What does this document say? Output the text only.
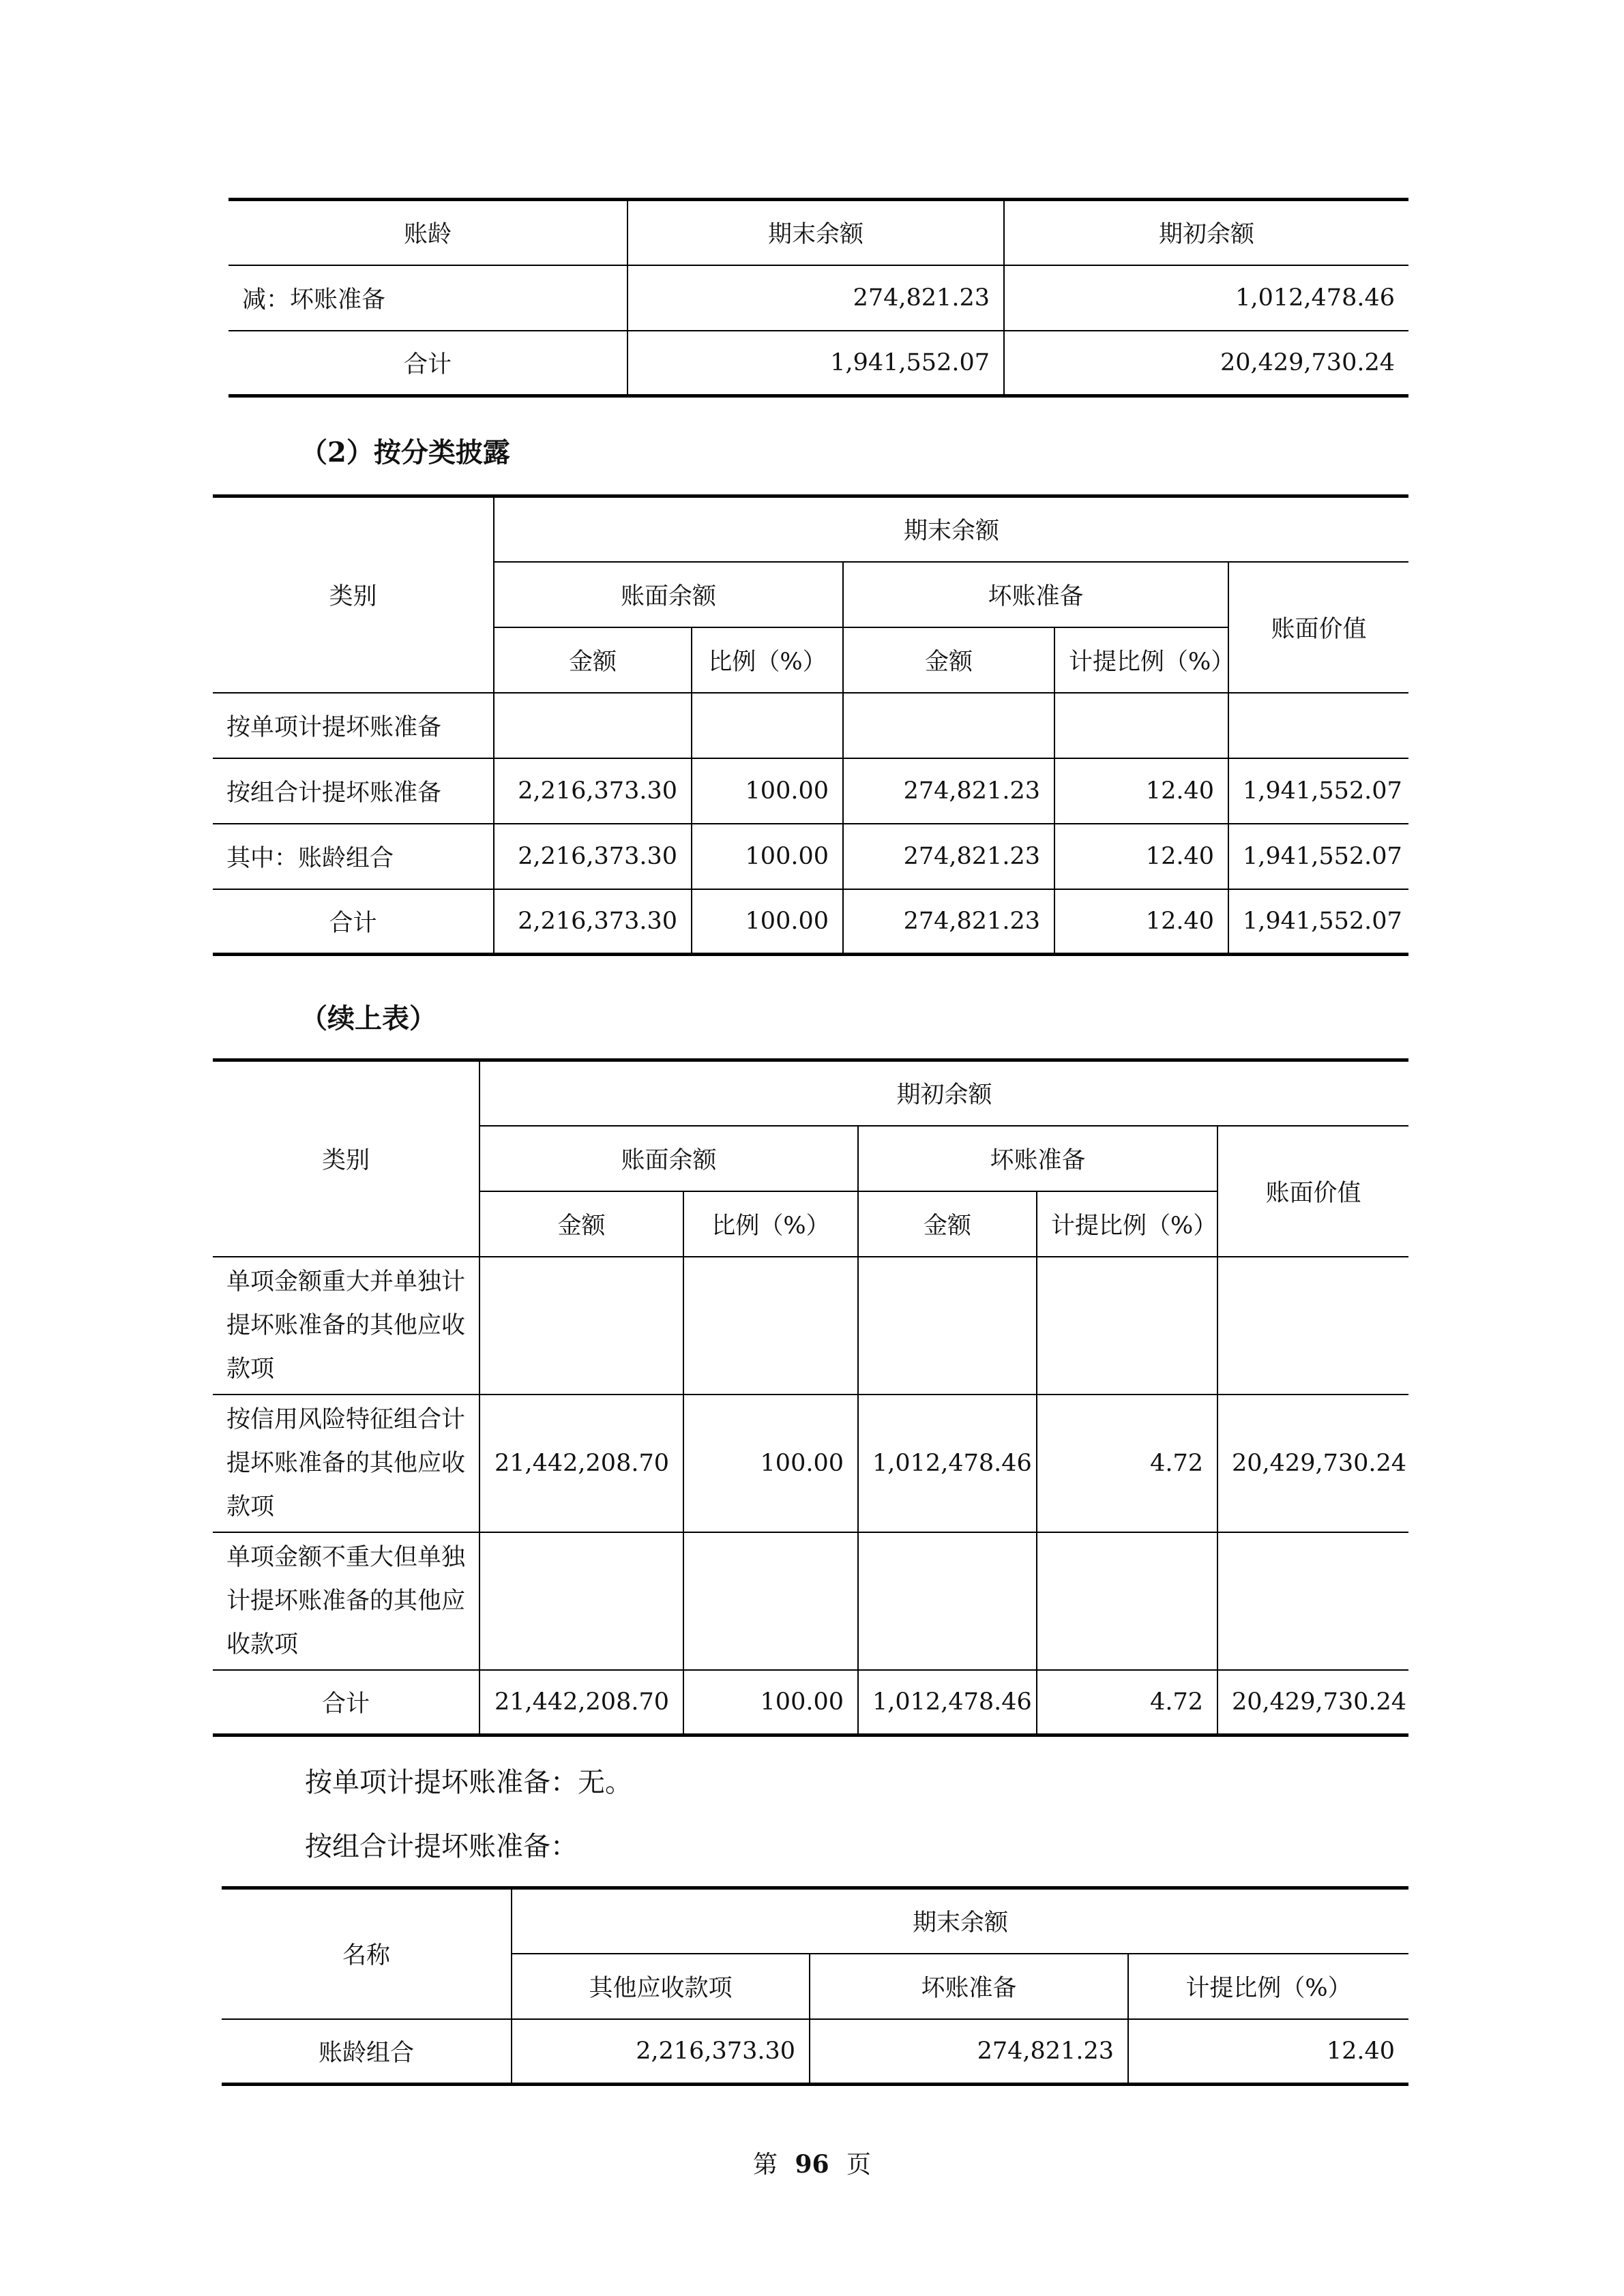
账龄	期末余额	期初余额
减：坏账准备	274,821.23	1,012,478.46
合计	1,941,552.07	20,429,730.24
（2）按分类披露
类别	期末余额				
	账面余额		坏账准备		账面价值
	金额	比例（%）	金额	计提比例（%）	
按单项计提坏账准备					
按组合计提坏账准备	2,216,373.30	100.00	274,821.23	12.40	1,941,552.07
其中：账龄组合	2,216,373.30	100.00	274,821.23	12.40	1,941,552.07
合计	2,216,373.30	100.00	274,821.23	12.40	1,941,552.07
（续上表）
类别	期初余额				
	账面余额		坏账准备		账面价值
	金额	比例（%）	金额	计提比例（%）	
单项金额重大并单独计提坏账准备的其他应收款项					
按信用风险特征组合计提坏账准备的其他应收款项	21,442,208.70	100.00	1,012,478.46	4.72	20,429,730.24
单项金额不重大但单独计提坏账准备的其他应收款项					
合计	21,442,208.70	100.00	1,012,478.46	4.72	20,429,730.24
按单项计提坏账准备：无。
按组合计提坏账准备：
名称	期末余额		
	其他应收款项	坏账准备	计提比例（%）
账龄组合	2,216,373.30	274,821.23	12.40
第 96 页
